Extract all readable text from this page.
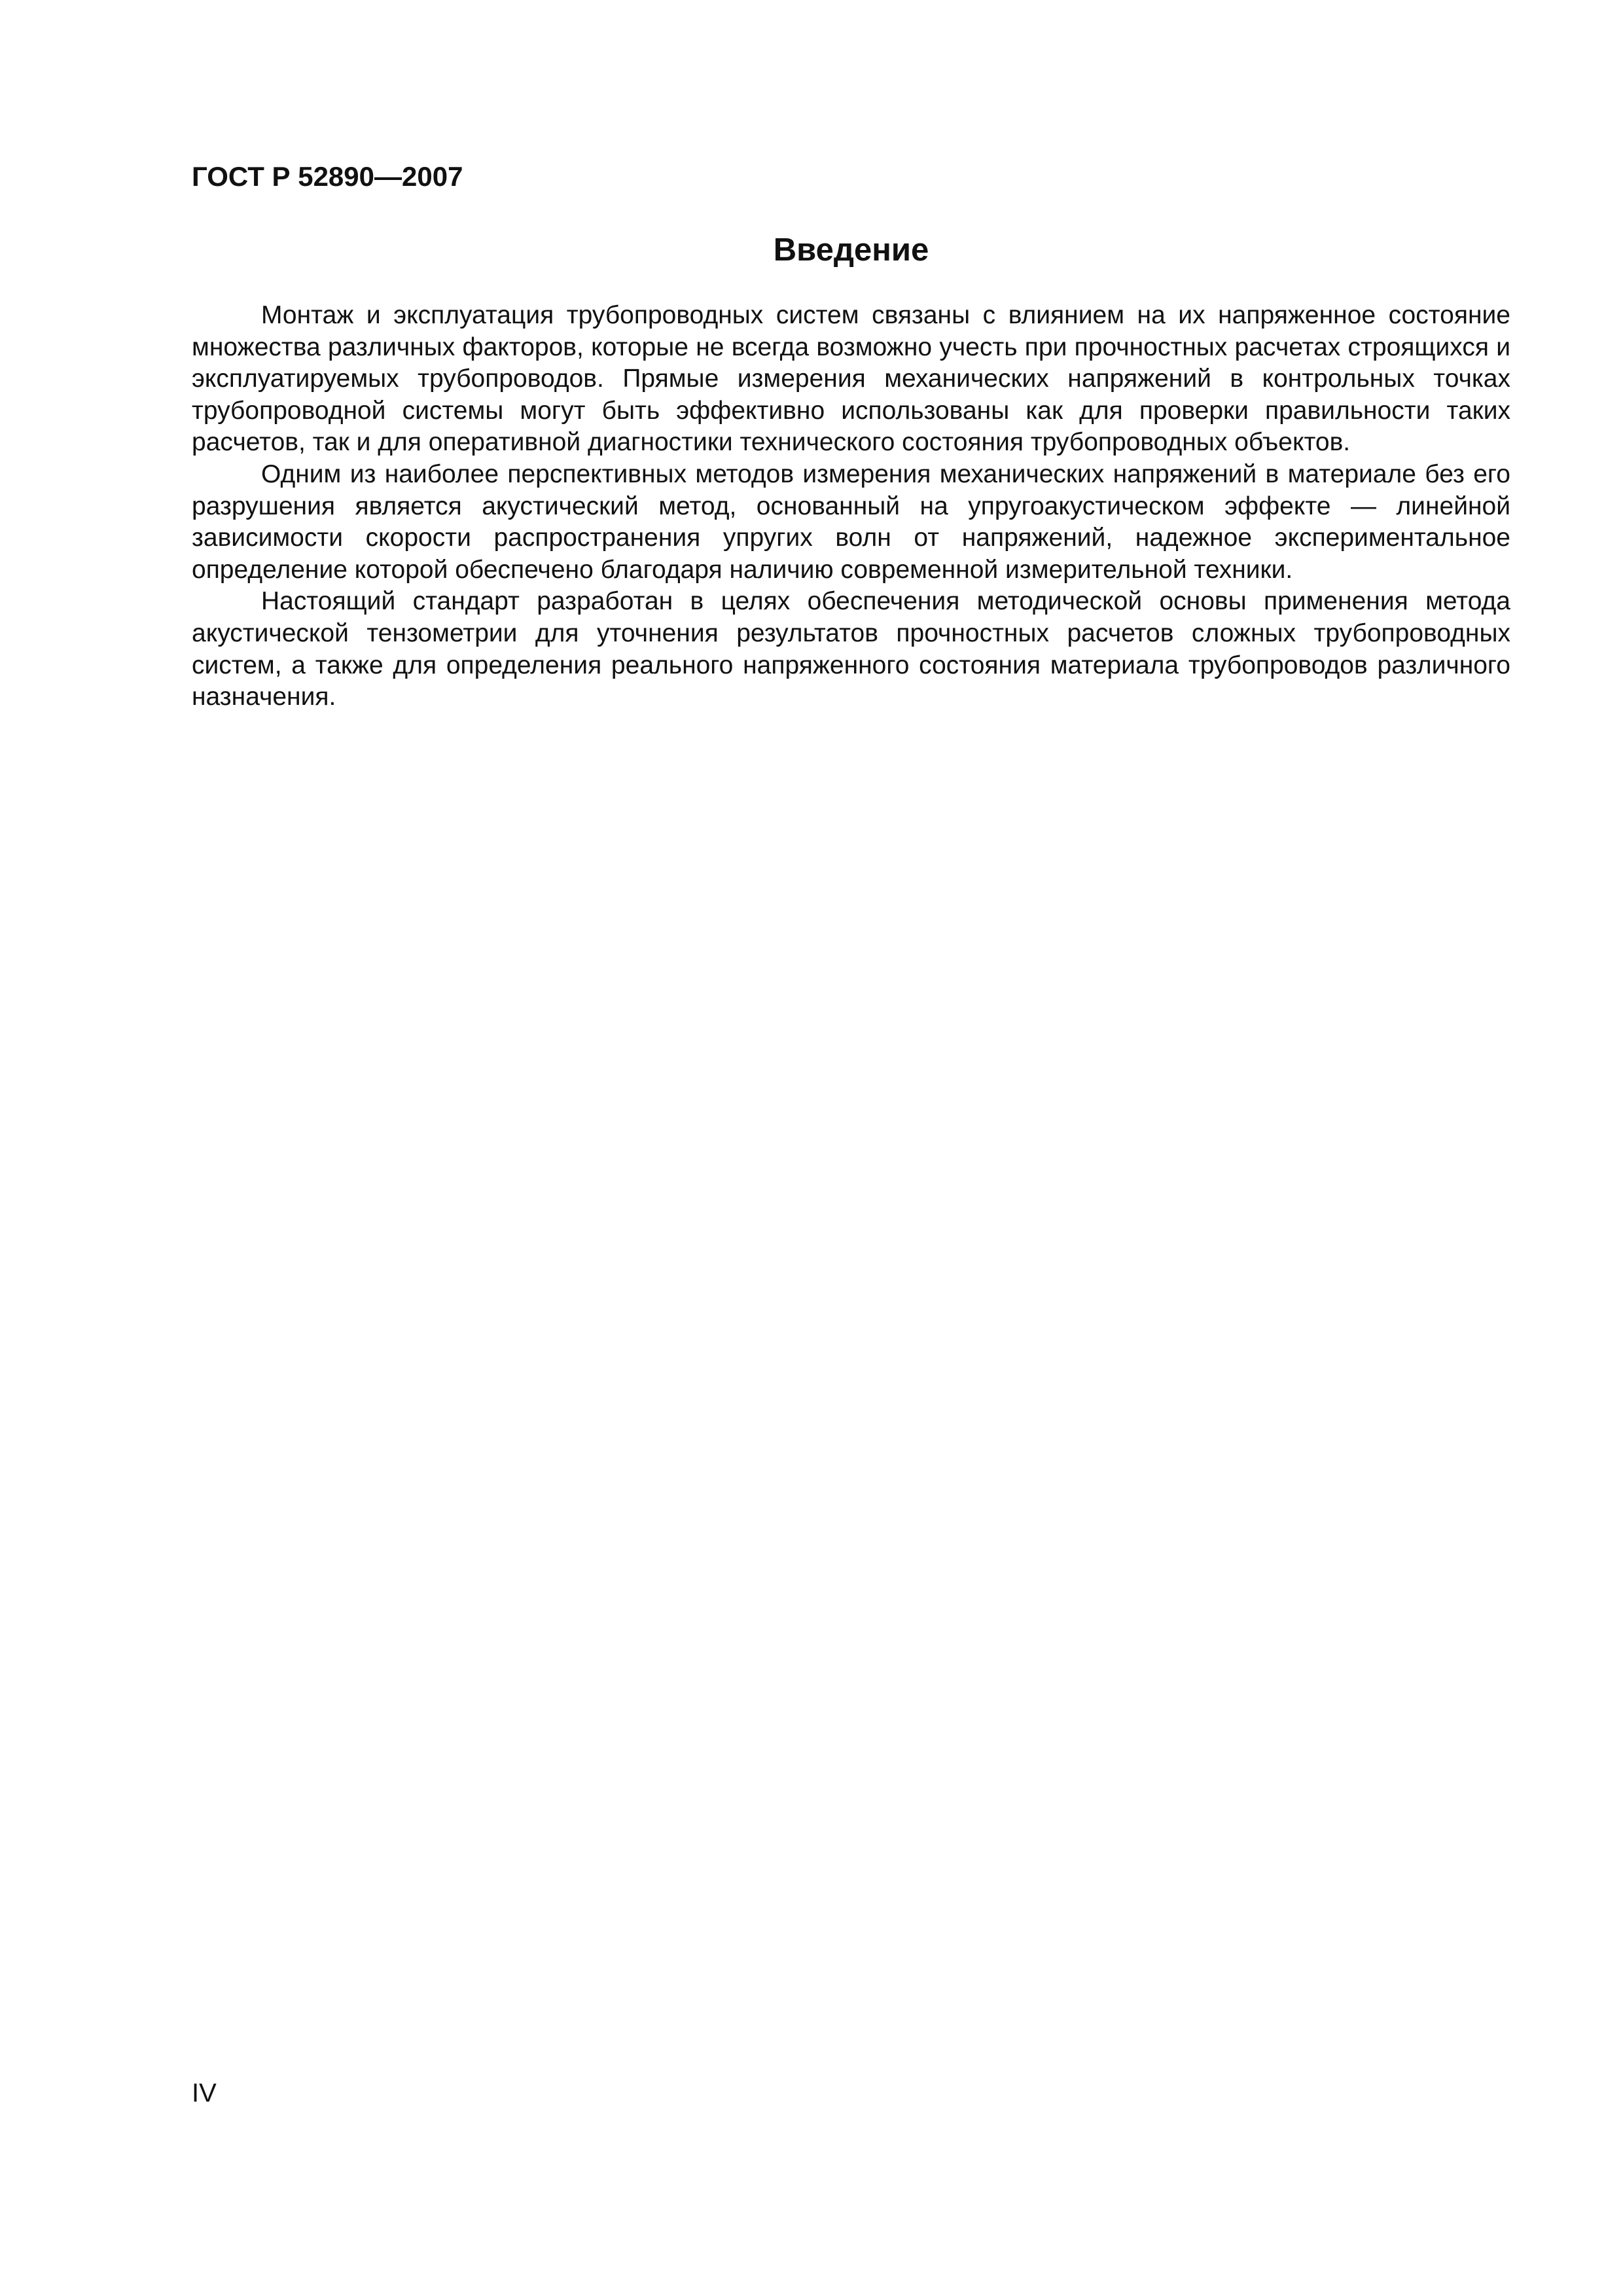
ГОСТ Р 52890—2007
Введение

Монтаж и эксплуатация трубопроводных систем связаны с влиянием на их напряженное состояние множества различных факторов, которые не всегда возможно учесть при прочностных расчетах строящихся и эксплуатируемых трубопроводов. Прямые измерения механических напряжений в контрольных точках трубопроводной системы могут быть эффективно использованы как для проверки правильности таких расчетов, так и для оперативной диагностики технического состояния трубопроводных объектов.

Одним из наиболее перспективных методов измерения механических напряжений в материале без его разрушения является акустический метод, основанный на упругоакустическом эффекте — линейной зависимости скорости распространения упругих волн от напряжений, надежное экспериментальное определение которой обеспечено благодаря наличию современной измерительной техники.

Настоящий стандарт разработан в целях обеспечения методической основы применения метода акустической тензометрии для уточнения результатов прочностных расчетов сложных трубопроводных систем, а также для определения реального напряженного состояния материала трубопроводов различного назначения.

IV
